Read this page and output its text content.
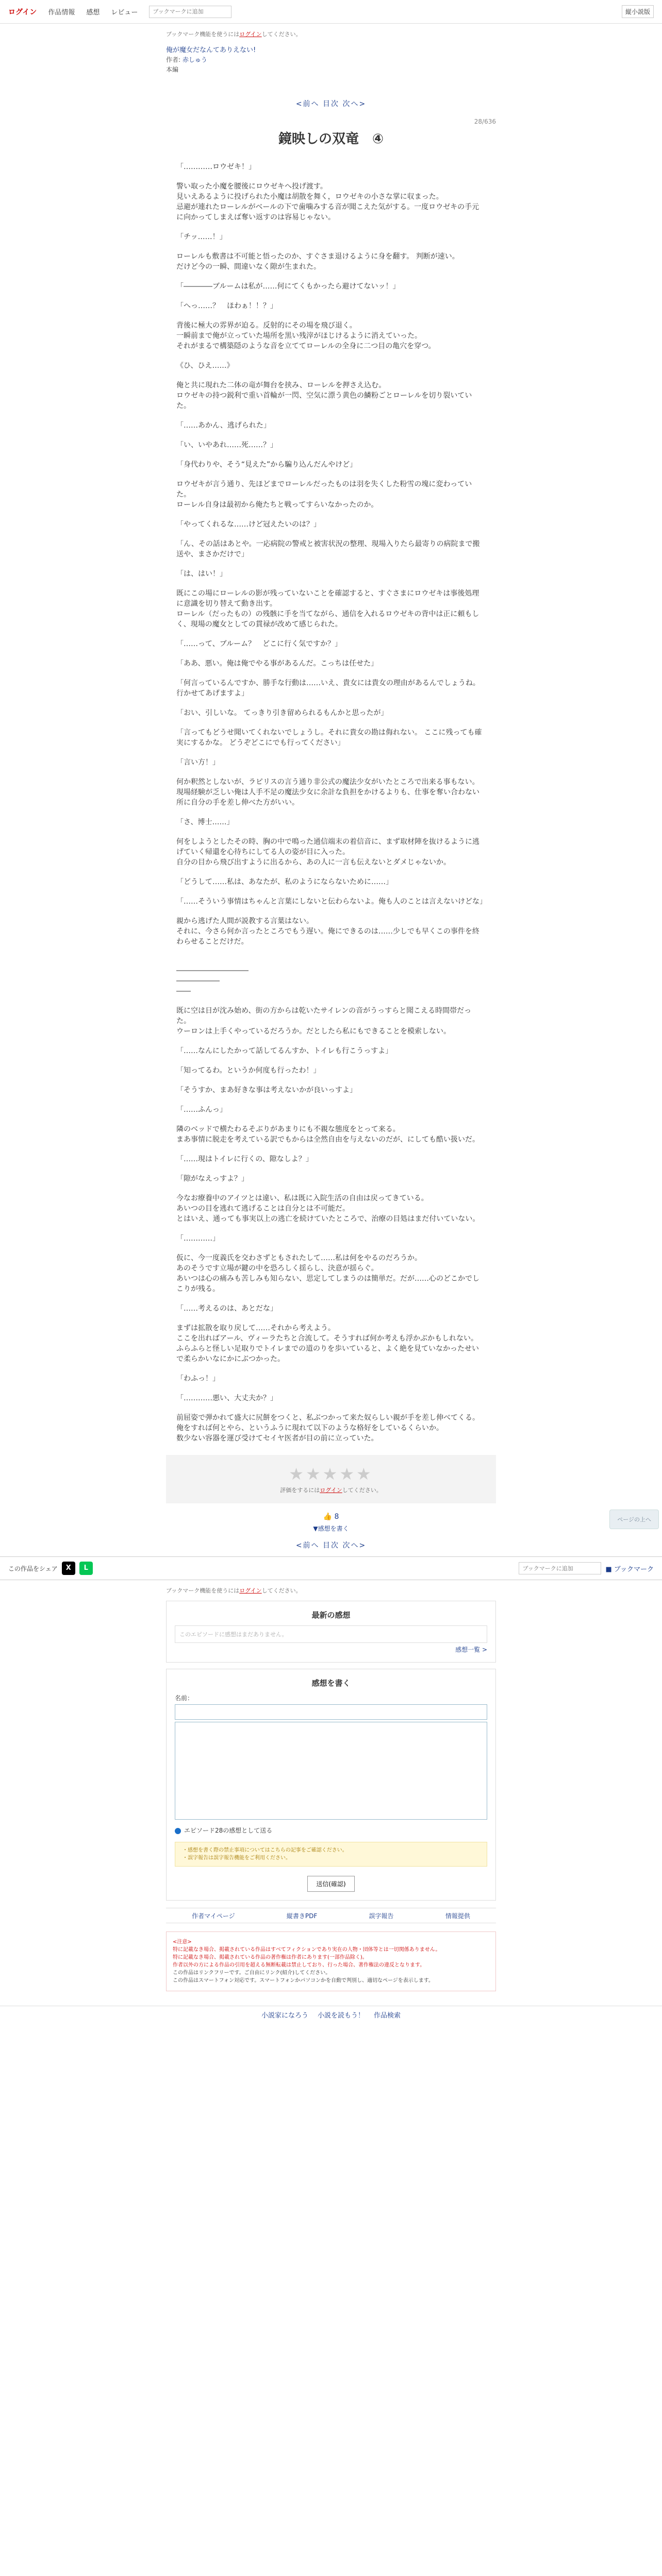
ログイン 作品情報 感想 レビュー
ブックマークに追加	縦小説版
ブックマーク機能を使うにはログインしてください。
俺が魔女だなんてありえない!
作者: 赤しゅう
本編
<前へ 目次 次へ>
28/636
鏡映しの双竜　④

「…………ロウゼキ！」

警い取った小魔を腰後にロウゼキへ投げ渡す。

見いえあるように投げられた小魔は胡散を舞く，ロウゼキの小さな掌に収まった。

忌避が連れたローレルがベールの下で歯噛みする音が聞こえた気がする。一度ロウゼキの手元に向かってしまえば奪い返すのは容易じゃない。

「チッ……！」

ローレルも敷書は不可能と悟ったのか、すぐさま退けるように身を翻す。 判断が速い。

だけど今の一瞬、間違いなく隙が生まれた。

「――――ブルームは私が……何にてくもかったら避けてないッ！」

「へっ……？　ほわぁ！！？」

背後に極大の雰界が迫る。反射的にその場を飛び退く。

一瞬前まで俺が立っていた場所を黒い残滓がほじけるように消えていった。

それがまるで構築隠のような音を立ててローレルの全身に二つ目の亀穴を穿つ。

《ひ、ひえ……》

俺と共に現れた二体の竜が舞台を挟み、ローレルを押さえ込む。

ロウゼキの持つ鋭利で重い首輪が一閃、空気に漂う黄色の鱗粉ごとローレルを切り裂いていた。

「……あかん、逃げられた」

「い、いやあれ……死……？」

「身代わりや、そう“見えた”から騙り込んだんやけど」

ロウゼキが言う通り、先ほどまでローレルだったものは羽を失くした粉雪の塊に変わっていた。

ローレル自身は最初から俺たちと戦ってすらいなかったのか。

「やってくれるな……けど冠えたいのは？」

「ん、その話はあとや。一応病院の警戒と被害状況の整理、現場入りたら最寄りの病院まで搬送や、まさかだけで」

「は、はい！」

既にこの場にローレルの影が残っていないことを確認すると、すぐさまにロウゼキは事後処理に意識を切り替えて動き出す。

ローレル（だったもの）の残骸に手を当てながら、通信を入れるロウゼキの背中は正に頼もしく、現場の魔女としての貫禄が改めて感じられた。

「……って、ブルーム？　どこに行く気ですか？」

「ああ、悪い。俺は俺でやる事があるんだ。こっちは任せた」

「何言っているんですか、勝手な行動は……いえ、貴女には貴女の理由があるんでしょうね。 行かせてあげますよ」

「おい、引しいな。 てっきり引き留められるもんかと思ったが」

「言ってもどうせ聞いてくれないでしょうし。それに貴女の勘は侮れない。 ここに残っても確実にするかな。 どうぞどこにでも行ってください」

「言い方！」

何か釈然としないが、ラピリスの言う通り非公式の魔法少女がいたところで出来る事もない。

現場経験が乏しい俺は人手不足の魔法少女に余計な負担をかけるよりも、仕事を奪い合わない所に自分の手を差し伸べた方がいい。

「さ、博士……」

何をしようとしたその時、胸の中で鳴った通信端末の着信音に、まず取材陣を抜けるように逃げていく帰還を心待ちにしてる人の姿が目に入った。

自分の目から飛び出すように出るから、あの人に一言も伝えないとダメじゃないか。

「どうして……私は、あなたが、私のようにならないために……」

「……そういう事情はちゃんと言葉にしないと伝わらないよ。俺も人のことは言えないけどな」

親から逃げた人間が説教する言葉はない。

それに、今さら何か言ったところでもう遅い。俺にできるのは……少しでも早くこの事件を終わらせることだけだ。

――――――――――

――――――

――

既に空は日が沈み始め、街の方からは乾いたサイレンの音がうっすらと聞こえる時間帯だった。

ウーロンは上手くやっているだろうか。だとしたら私にもできることを模索しない。

「……なんにしたかって話してるんすか、トイレも行こうっすよ」

「知ってるわ。というか何度も行ったわ！」

「そうすか、まあ好きな事は考えないかが良いっすよ」

「……ふんっ」

隣のベッドで横たわるそぶりがあまりにも不親な態度をとって来る。

まあ事情に脱走を考えている訳でもからは全然自由を与えないのだが、にしても酷い扱いだ。

「……現はトイレに行くの、隙なしよ？」

「隙がなえっすよ？」

今なお療養中のアイツとは違い、私は既に入院生活の自由は戻ってきている。

あいつの目を逃れて逃げることは自分とは不可能だ。

とはいえ、通っても事実以上の逃亡を続けていたところで、治療の目処はまだ付いていない。

「…………」

仮に、今一度義氏を交わさずともされたして……私は何をやるのだろうか。

あのそうです立場が鍵の中を恐ろしく揺らし、決意が揺らぐ。

あいつは心の痛みも苦しみも知らない、思定してしまうのは簡単だ。だが……心のどこかでしこりが残る。

「……考えるのは、あとだな」

まずは拡散を取り戻して……それから考えよう。

ここを出ればアール、ヴィーラたちと合流して。そうすれば何か考えも浮かぶかもしれない。

ふらふらと怪しい足取りでトイレまでの道のりを歩いていると、よく絶を見ていなかったせいで柔らかいなにかにぶつかった。

「わふっ！」

「…………悪い、大丈夫か？」

前屈姿で弾かれて盛大に尻餅をつくと、私ぶつかって来た奴らしい親が手を差し伸べてくる。

俺をすれば何とやら、というふうに現れて以下のような格好をしているくらいか。

数少ない容器を運び受けてセイヤ医者が目の前に立っていた。

★★★★★
評価をするにはログインしてください。
👍 8
▼感想を書く
<前へ 目次 次へ>
この作品をシェア	X	L
ブックマークに追加	■ ブックマーク
ブックマーク機能を使うにはログインしてください。
最新の感想
このエピソードに感想はまだありません。
感想一覧 >
感想を書く
名前：
エピソード28の感想として送る
・感想を書く際の禁止事項についてはこちらの記事をご確認ください。
・誤字報告は誤字報告機能をご利用ください。
送信(確認)
作者マイページ	縦書きPDF	誤字報告	情報提供
<注意>
特に記載なき場合、掲載されている作品はすべてフィクションであり実在の人物・団体等とは一切関係ありません。
特に記載なき場合、掲載されている作品の著作権は作者にあります(一部作品除く)。
作者以外の方による作品の引用を超える無断転載は禁止しており、行った場合、著作権法の違反となります。
この作品はリンクフリーです。ご自由にリンク(紹介)してください。
この作品はスマートフォン対応です。スマートフォンかパソコンかを自動で判別し、適切なページを表示します。
小説家になろう 小説を読もう！ 作品検索
ページの上へ
